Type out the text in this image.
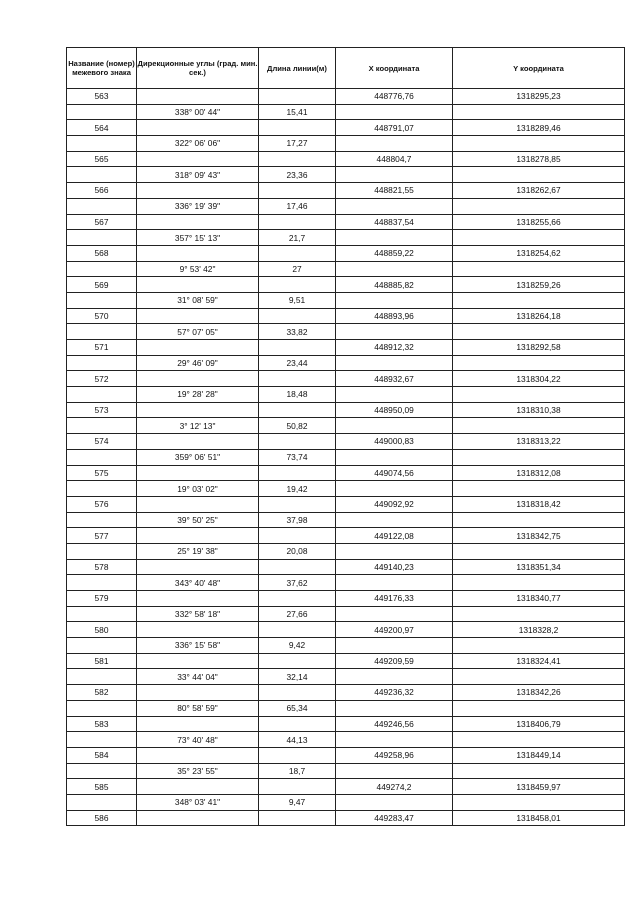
Название (номер) межевого знака	Дирекционные углы (град. мин. сек.)	Длина линии(м)	X координата	Y координата
563			448776,76	1318295,23
	338° 00' 44"	15,41		
564			448791,07	1318289,46
	322° 06' 06"	17,27		
565			448804,7	1318278,85
	318° 09' 43"	23,36		
566			448821,55	1318262,67
	336° 19' 39"	17,46		
567			448837,54	1318255,66
	357° 15' 13"	21,7		
568			448859,22	1318254,62
	9° 53' 42"	27		
569			448885,82	1318259,26
	31° 08' 59"	9,51		
570			448893,96	1318264,18
	57° 07' 05"	33,82		
571			448912,32	1318292,58
	29° 46' 09"	23,44		
572			448932,67	1318304,22
	19° 28' 28"	18,48		
573			448950,09	1318310,38
	3° 12' 13"	50,82		
574			449000,83	1318313,22
	359° 06' 51"	73,74		
575			449074,56	1318312,08
	19° 03' 02"	19,42		
576			449092,92	1318318,42
	39° 50' 25"	37,98		
577			449122,08	1318342,75
	25° 19' 38"	20,08		
578			449140,23	1318351,34
	343° 40' 48"	37,62		
579			449176,33	1318340,77
	332° 58' 18"	27,66		
580			449200,97	1318328,2
	336° 15' 58"	9,42		
581			449209,59	1318324,41
	33° 44' 04"	32,14		
582			449236,32	1318342,26
	80° 58' 59"	65,34		
583			449246,56	1318406,79
	73° 40' 48"	44,13		
584			449258,96	1318449,14
	35° 23' 55"	18,7		
585			449274,2	1318459,97
	348° 03' 41"	9,47		
586			449283,47	1318458,01
